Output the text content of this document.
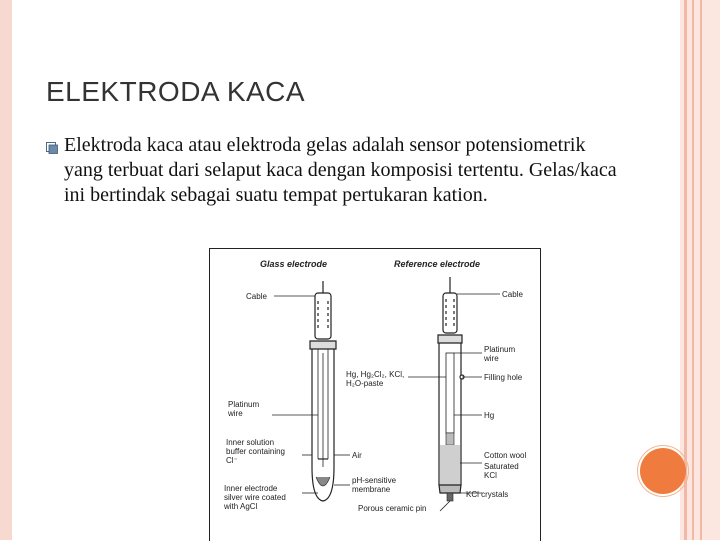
ELEKTRODA KACA

Elektroda kaca atau elektroda gelas adalah sensor potensiometrik yang terbuat dari selaput kaca dengan komposisi tertentu. Gelas/kaca ini bertindak sebagai suatu tempat pertukaran kation.

Glass electrode	Reference electrode
Cable	Cable
Platinum
wire
Hg, Hg₂Cl₂, KCl,
H₂O-paste
Filling hole
Hg
Platinum
wire
Inner solution
buffer containing
Cl⁻
Air	Cotton wool
Saturated
KCl
Inner electrode
silver wire coated
with AgCl
pH-sensitive
membrane
KCl crystals
Porous ceramic pin
